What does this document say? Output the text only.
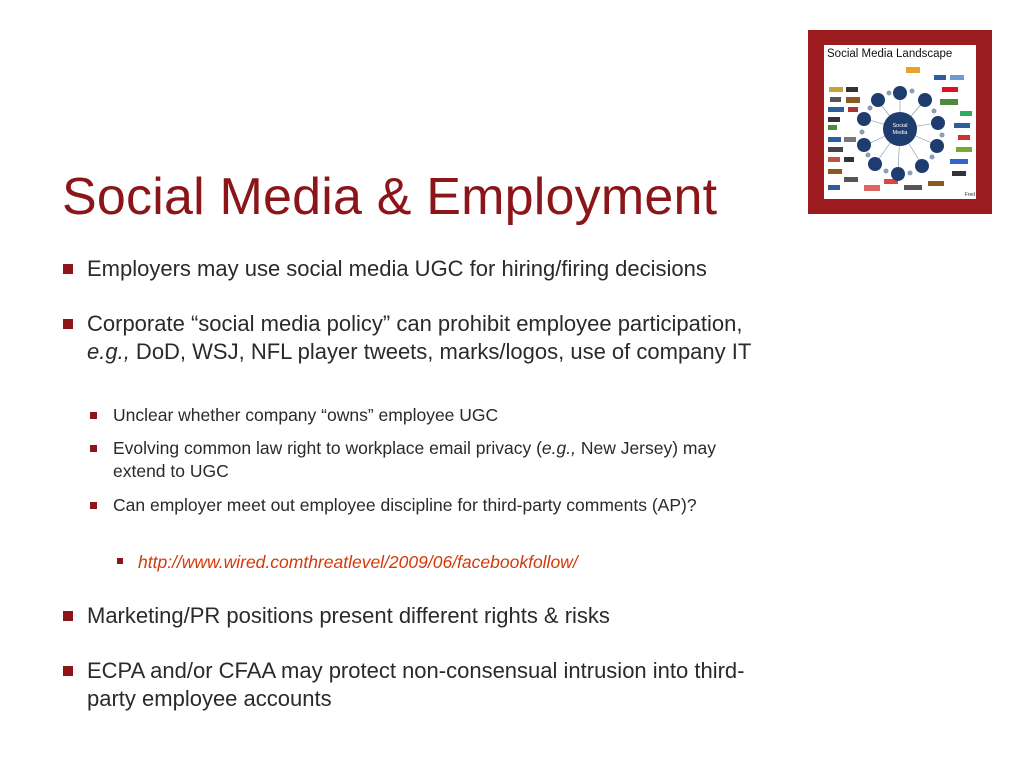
Social Media Landscape
Social
Media
Fred
Social Media & Employment
Employers may use social media UGC for hiring/firing decisions
Corporate “social media policy” can prohibit employee participation, e.g., DoD, WSJ, NFL player tweets, marks/logos, use of company IT
Unclear whether company “owns” employee UGC
Evolving common law right to workplace email privacy (e.g., New Jersey) may extend to UGC
Can employer meet out employee discipline for third-party comments (AP)?
http://www.wired.comthreatlevel/2009/06/facebookfollow/
Marketing/PR positions present different rights & risks
ECPA and/or CFAA may protect non-consensual intrusion into third-party employee accounts
